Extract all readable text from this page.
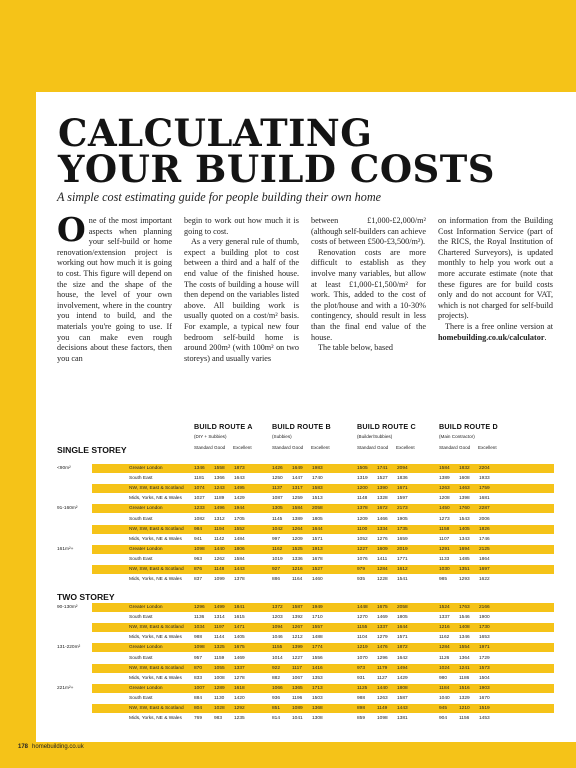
CALCULATING
YOUR BUILD COSTS
A simple cost estimating guide for people building their own home

One of the most important aspects when planning your self-build or home renovation/extension project is working out how much it is going to cost. This figure will depend on the size and the shape of the house, the level of your own involvement, where in the country you intend to build, and the materials you're going to use. If you can make even rough decisions about these factors, then you can

begin to work out how much it is going to cost.

As a very general rule of thumb, expect a building plot to cost between a third and a half of the end value of the finished house. The costs of building a house will then depend on the variables listed above. All building work is usually quoted on a cost/m² basis. For example, a typical new four bedroom self-build home is around 200m² (with 100m² on two storeys) and usually varies

between £1,000-£2,000/m² (although self-builders can achieve costs of between £500-£3,500/m²).

Renovation costs are more difficult to establish as they involve many variables, but allow at least £1,000-£1,500/m² for work. This, added to the cost of the plot/house and with a 10-30% contingency, should result in less than the final end value of the house.

The table below, based

on information from the Building Cost Information Service (part of the RICS, the Royal Institution of Chartered Surveyors), is updated monthly to help you work out a more accurate estimate (note that these figures are for build costs only and do not account for VAT, which is not charged for self-build projects).

There is a free online version at homebuilding.co.uk/calculator.

BUILD ROUTE A
(DIY + Subbies)
Standard Good Excellent
BUILD ROUTE B
(Subbies)
Standard Good Excellent
BUILD ROUTE C
(Builder/Subbies)
Standard Good Excellent
BUILD ROUTE D
(Main Contractor)
Standard Good Excellent
SINGLE STOREY
<90m²	Greater London	1346 1558 1873	1426 1649 1983	1505 1741 2094	1584 1832 2204
South East	1181 1366 1643	1250 1447 1740	1319 1527 1836	1389 1608 1933
NW, SW, East & Scotland 1074 1243 1495	1137 1317 1583	1200 1390 1671	1263 1463 1759
Mids, Yorks, NE & Wales	1027 1189 1429	1087 1259 1513	1148 1328 1597	1208 1398 1681
91-160m²	Greater London	1233 1496 1944	1305 1584 2058	1378 1672 2173	1450 1760 2287
South East	1082 1312 1705	1145 1389 1805	1209 1466 1905	1273 1543 2006
NW, SW, East & Scotland 984 1194 1552	1042 1264 1644	1100 1334 1735	1158 1405 1826
Mids, Yorks, NE & Wales	941 1142 1484	997 1209 1571	1052 1276 1659	1107 1343 1746
161m²+	Greater London	1098 1440 1806	1162 1525 1913	1227 1609 2019	1291 1694 2125
South East	963 1262 1584	1019 1336 1678	1076 1411 1771	1133 1485 1864
NW, SW, East & Scotland 876 1148 1443	927 1216 1527	979 1284 1612	1030 1351 1697
Mids, Yorks, NE & Wales	837 1099 1378	886 1164 1460	935 1228 1541	985 1293 1622
TWO STOREY
90-130m²	Greater London	1296 1499 1841	1372 1587 1949	1448 1675 2058	1524 1763 2166
South East	1136 1314 1615	1203 1392 1710	1270 1469 1805	1337 1546 1900
NW, SW, East & Scotland 1034 1197 1471	1094 1267 1557	1155 1337 1644	1216 1408 1730
Mids, Yorks, NE & Wales	988 1144 1405	1046 1212 1488	1104 1279 1571	1162 1346 1653
131-220m²	Greater London	1098 1325 1675	1155 1399 1774	1219 1476 1872	1284 1554 1971
South East	957 1159 1469	1014 1227 1556	1070 1296 1642	1126 1364 1729
NW, SW, East & Scotland 870 1055 1337	922 1117 1416	973 1179 1494	1024 1241 1573
Mids, Yorks, NE & Wales	833 1008 1278	882 1067 1353	931 1127 1429	980 1186 1504
221m²+	Greater London	1007 1289 1618	1066 1365 1713	1125 1440 1808	1184 1516 1903
South East	884 1130 1420	936 1196 1503	988 1263 1587	1040 1329 1670
NW, SW, East & Scotland 804 1028 1292	851 1089 1368	898 1149 1443	945 1210 1519
Mids, Yorks, NE & Wales	769 983 1235	814 1041 1308	859 1098 1381	904 1156 1453
178 homebuilding.co.uk
